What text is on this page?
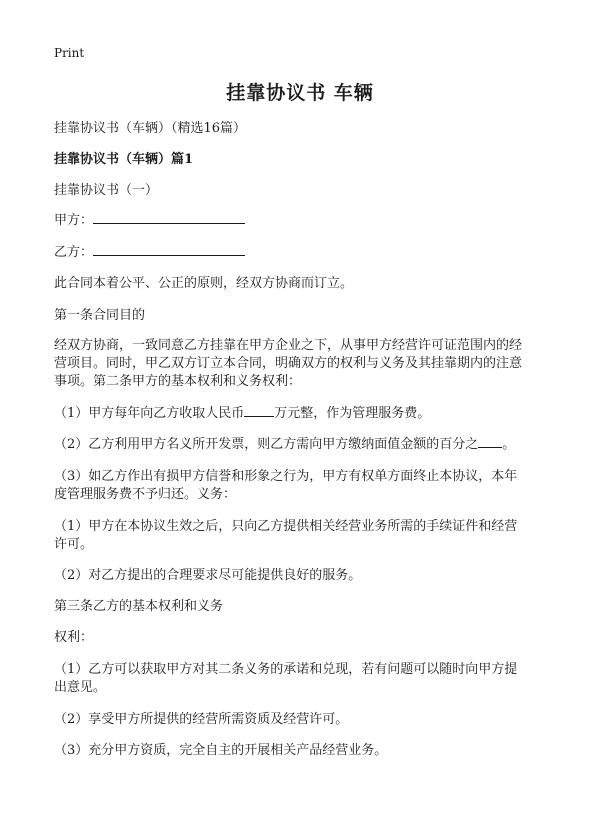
Print
挂靠协议书 车辆
挂靠协议书（车辆）（精选16篇）
挂靠协议书（车辆）篇1
挂靠协议书（一）
甲方：
乙方：
此合同本着公平、公正的原则，经双方协商而订立。
第一条合同目的
经双方协商，一致同意乙方挂靠在甲方企业之下，从事甲方经营许可证范围内的经
营项目。同时，甲乙双方订立本合同，明确双方的权利与义务及其挂靠期内的注意
事项。第二条甲方的基本权利和义务权利：
（1）甲方每年向乙方收取人民币 万元整，作为管理服务费。
（2）乙方利用甲方名义所开发票，则乙方需向甲方缴纳面值金额的百分之 。
（3）如乙方作出有损甲方信誉和形象之行为，甲方有权单方面终止本协议，本年
度管理服务费不予归还。义务：
（1）甲方在本协议生效之后，只向乙方提供相关经营业务所需的手续证件和经营
许可。
（2）对乙方提出的合理要求尽可能提供良好的服务。
第三条乙方的基本权利和义务
权利：
（1）乙方可以获取甲方对其二条义务的承诺和兑现，若有问题可以随时向甲方提
出意见。
（2）享受甲方所提供的经营所需资质及经营许可。
（3）充分甲方资质，完全自主的开展相关产品经营业务。
